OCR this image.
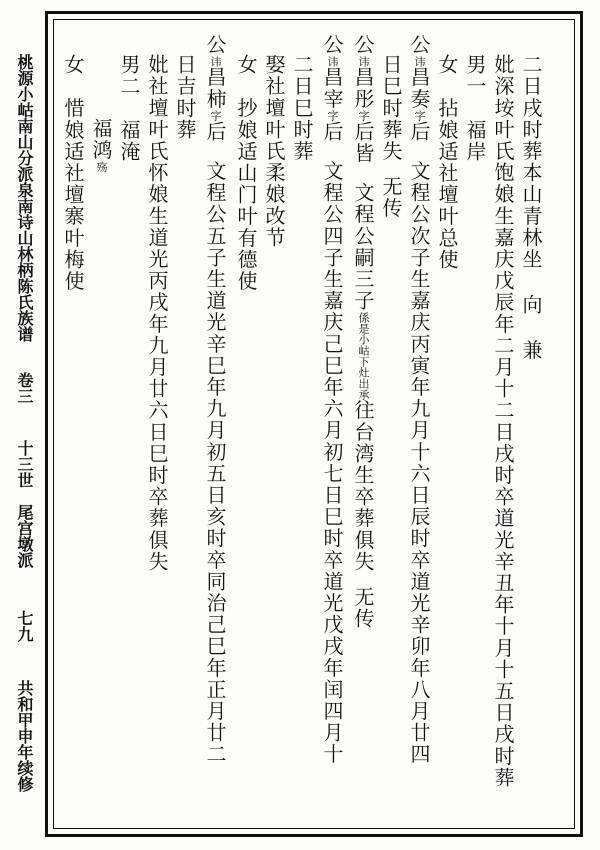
二日戌时葬本山青林坐向兼
妣深垵叶氏饱娘生嘉庆戊辰年二月十二日戌时卒道光辛丑年十月十五日戌时葬
男一福岸
女拈娘适社壇叶总使
公讳昌奏字后文程公次子生嘉庆丙寅年九月十六日辰时卒道光辛卯年八月廿四
日巳时葬失无传
公讳昌彤字后皆文程公嗣三子係是小岵下灶出承往台湾生卒葬俱失无传
公讳昌宰字后文程公四子生嘉庆己巳年六月初七日巳时卒道光戊戌年闰四月十
二日巳时葬
娶社壇叶氏柔娘改节
女抄娘适山门叶有德使
公讳昌柿字后文程公五子生道光辛巳年九月初五日亥时卒同治己巳年正月廿二
日吉时葬
妣社壇叶氏怀娘生道光丙戌年九月廿六日巳时卒葬俱失
男二福淹
福鸿殇
女惜娘适社壇寨叶梅使
桃源小岵南山分派泉南诗山林柄陈氏族谱
卷三
十三世　尾宫墩派
七九
共和甲申年续修
